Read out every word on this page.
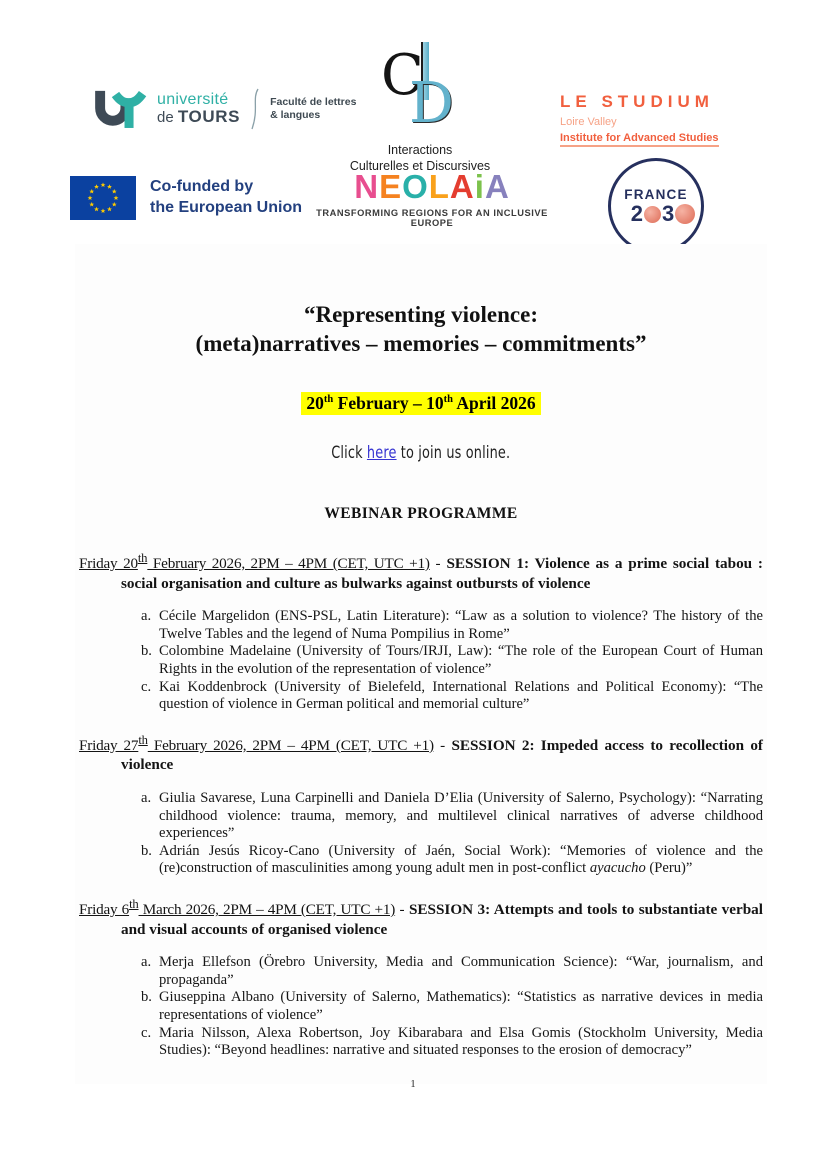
université
de TOURS
Faculté de lettres
& langues
C
D
Interactions
Culturelles et Discursives
LE STUDIUM
Loire Valley
Institute for Advanced Studies
Co-funded by
the European Union
NEOLAiA
TRANSFORMING REGIONS FOR AN INCLUSIVE EUROPE
FRANCE
2 3
“Representing violence:
(meta)narratives – memories – commitments”
20th February – 10th April 2026

Click here to join us online.

WEBINAR PROGRAMME

Friday 20th February 2026, 2PM – 4PM (CET, UTC +1) - SESSION 1: Violence as a prime social tabou : social organisation and culture as bulwarks against outbursts of violence

a. Cécile Margelidon (ENS-PSL, Latin Literature): “Law as a solution to violence? The history of the Twelve Tables and the legend of Numa Pompilius in Rome”
b. Colombine Madelaine (University of Tours/IRJI, Law): “The role of the European Court of Human Rights in the evolution of the representation of violence”
c. Kai Koddenbrock (University of Bielefeld, International Relations and Political Economy): “The question of violence in German political and memorial culture”

Friday 27th February 2026, 2PM – 4PM (CET, UTC +1) - SESSION 2: Impeded access to recollection of violence

a. Giulia Savarese, Luna Carpinelli and Daniela D’Elia (University of Salerno, Psychology): “Narrating childhood violence: trauma, memory, and multilevel clinical narratives of adverse childhood experiences”
b. Adrián Jesús Ricoy-Cano (University of Jaén, Social Work): “Memories of violence and the (re)construction of masculinities among young adult men in post-conflict ayacucho (Peru)”

Friday 6th March 2026, 2PM – 4PM (CET, UTC +1) - SESSION 3: Attempts and tools to substantiate verbal and visual accounts of organised violence

a. Merja Ellefson (Örebro University, Media and Communication Science): “War, journalism, and propaganda”
b. Giuseppina Albano (University of Salerno, Mathematics): “Statistics as narrative devices in media representations of violence”
c. Maria Nilsson, Alexa Robertson, Joy Kibarabara and Elsa Gomis (Stockholm University, Media Studies): “Beyond headlines: narrative and situated responses to the erosion of democracy”
1
